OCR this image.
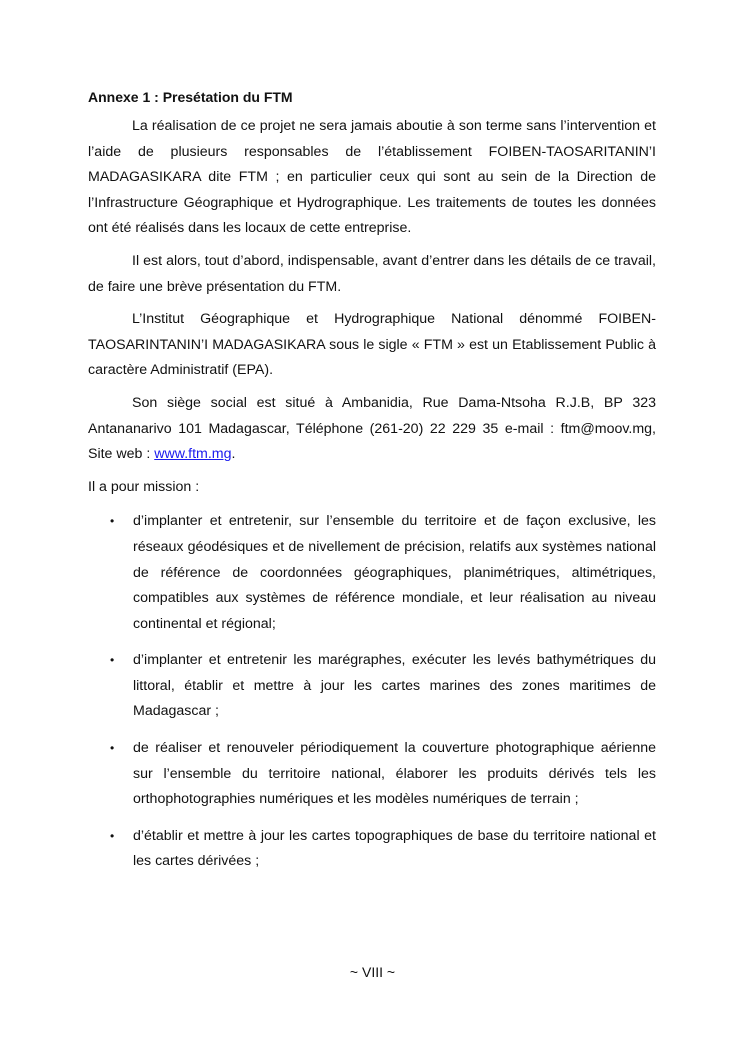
Annexe 1 : Presétation du FTM

La réalisation de ce projet ne sera jamais aboutie à son terme sans l’intervention et l’aide de plusieurs responsables de l’établissement FOIBEN-TAOSARITANIN’I MADAGASIKARA dite FTM ; en particulier ceux qui sont au sein de la Direction de l’Infrastructure Géographique et Hydrographique. Les traitements de toutes les données ont été réalisés dans les locaux de cette entreprise.

Il est alors, tout d’abord, indispensable, avant d’entrer dans les détails de ce travail, de faire une brève présentation du FTM.

L’Institut Géographique et Hydrographique National dénommé FOIBEN-TAOSARINTANIN’I MADAGASIKARA sous le sigle « FTM » est un Etablissement Public à caractère Administratif (EPA).

Son siège social est situé à Ambanidia, Rue Dama-Ntsoha R.J.B, BP 323 Antananarivo 101 Madagascar, Téléphone (261-20) 22 229 35 e-mail : ftm@moov.mg, Site web : www.ftm.mg.

Il a pour mission :
• d’implanter et entretenir, sur l’ensemble du territoire et de façon exclusive, les réseaux géodésiques et de nivellement de précision, relatifs aux systèmes national de référence de coordonnées géographiques, planimétriques, altimétriques, compatibles aux systèmes de référence mondiale, et leur réalisation au niveau continental et régional;
• d’implanter et entretenir les marégraphes, exécuter les levés bathymétriques du littoral, établir et mettre à jour les cartes marines des zones maritimes de Madagascar ;
• de réaliser et renouveler périodiquement la couverture photographique aérienne sur l’ensemble du territoire national, élaborer les produits dérivés tels les orthophotographies numériques et les modèles numériques de terrain ;
• d’établir et mettre à jour les cartes topographiques de base du territoire national et les cartes dérivées ;
~ VIII ~
